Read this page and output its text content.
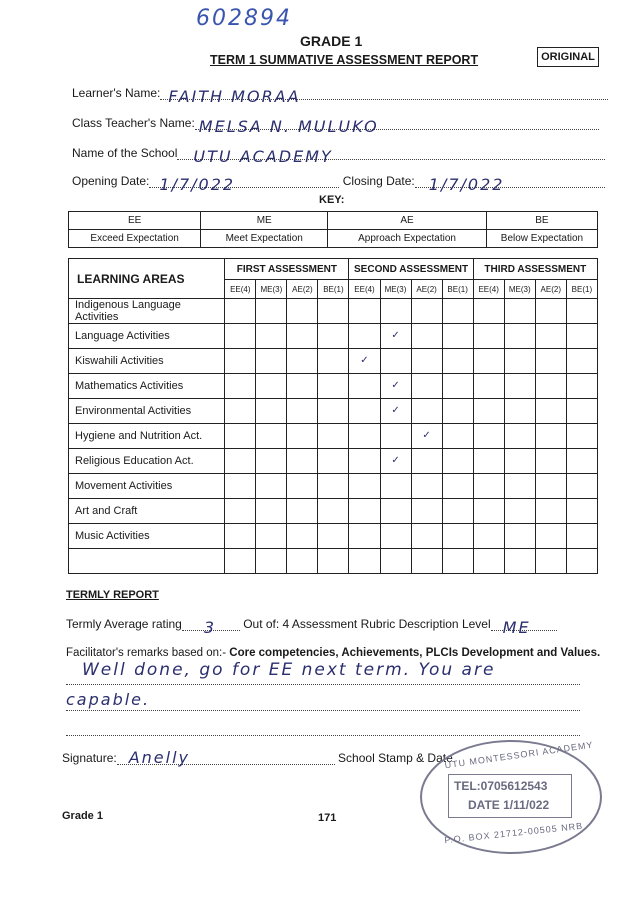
602894
GRADE 1
TERM 1 SUMMATIVE ASSESSMENT REPORT	ORIGINAL
Learner's Name: FAITH MORAA
Class Teacher's Name: MELSA N. MULUKO
Name of the School UTU ACADEMY
Opening Date: 1/7/022	Closing Date: 1/7/022
KEY:
EE	ME	AE	BE
Exceed Expectation	Meet Expectation	Approach Expectation	Below Expectation
LEARNING AREAS	FIRST ASSESSMENT				SECOND ASSESSMENT				THIRD ASSESSMENT			
	EE(4)	ME(3)	AE(2)	BE(1)	EE(4)	ME(3)	AE(2)	BE(1)	EE(4)	ME(3)	AE(2)	BE(1)
Indigenous Language Activities												
Language Activities						✓						
Kiswahili Activities					✓							
Mathematics Activities						✓						
Environmental Activities						✓						
Hygiene and Nutrition Act.							✓					
Religious Education Act.						✓						
Movement Activities												
Art and Craft												
Music Activities												

TERMLY REPORT
Termly Average rating 3 Out of: 4 Assessment Rubric Description Level ME
Facilitator's remarks based on:- Core competencies, Achievements, PLCIs Development and Values.
Well done, go for EE next term. You are
capable.
Signature: Anelly	School Stamp & Date
UTU MONTESSORI ACADEMY
TEL:0705612543
DATE 1/11/022
P.O. BOX 21712-00505 NRB
Grade 1	171
